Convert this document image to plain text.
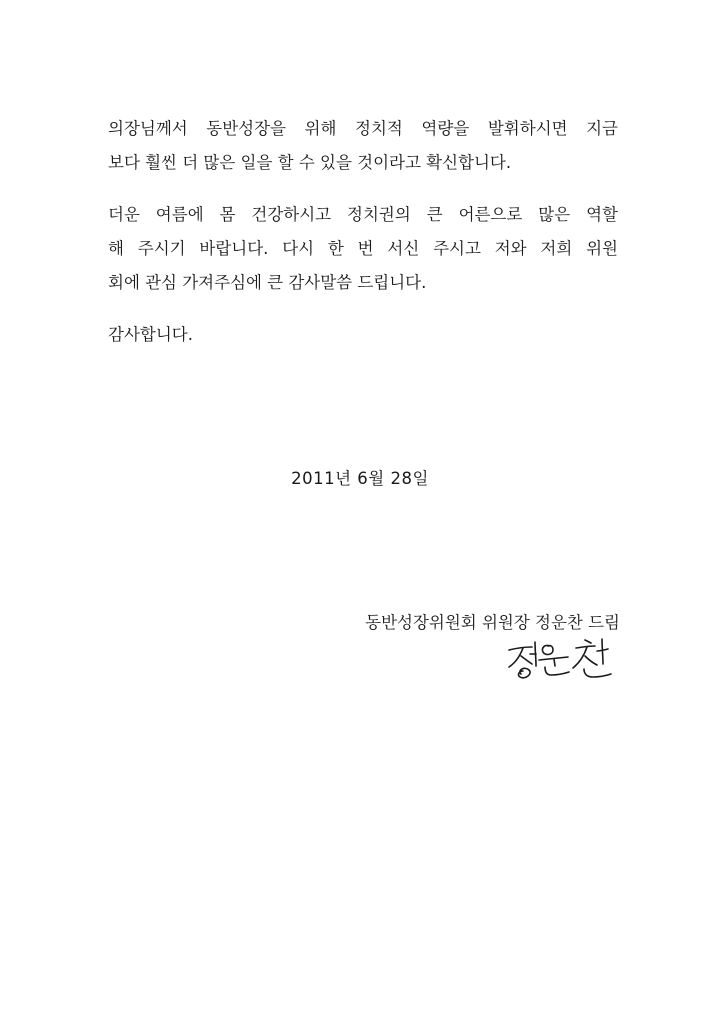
의장님께서 동반성장을 위해 정치적 역량을 발휘하시면 지금
보다 훨씬 더 많은 일을 할 수 있을 것이라고 확신합니다.
더운 여름에 몸 건강하시고 정치권의 큰 어른으로 많은 역할
해 주시기 바랍니다. 다시 한 번 서신 주시고 저와 저희 위원
회에 관심 가져주심에 큰 감사말씀 드립니다.
감사합니다.
2011년 6월 28일
동반성장위원회 위원장 정운찬 드림
